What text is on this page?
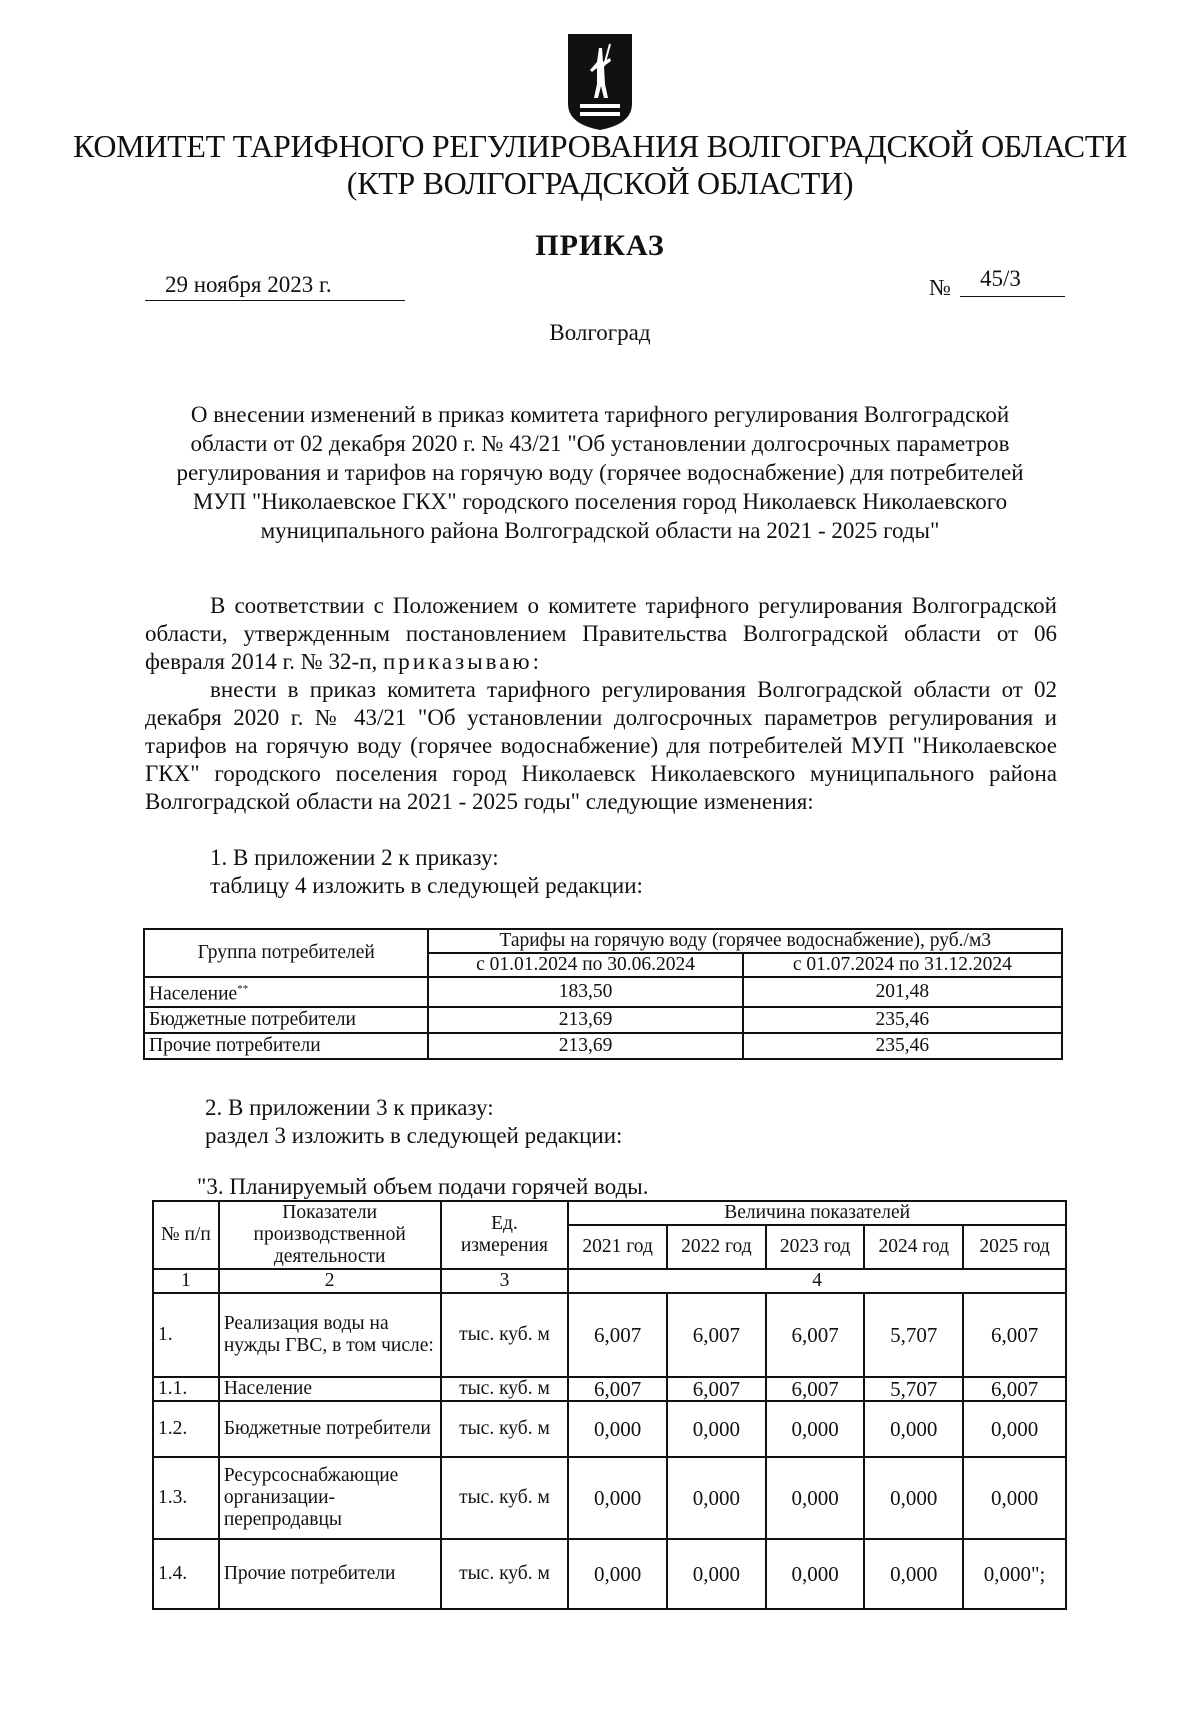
КОМИТЕТ ТАРИФНОГО РЕГУЛИРОВАНИЯ ВОЛГОГРАДСКОЙ ОБЛАСТИ
(КТР ВОЛГОГРАДСКОЙ ОБЛАСТИ)
ПРИКАЗ
29 ноября 2023 г.	№	45/3
Волгоград
О внесении изменений в приказ комитета тарифного регулирования Волгоградской
области от 02 декабря 2020 г. № 43/21 "Об установлении долгосрочных параметров
регулирования и тарифов на горячую воду (горячее водоснабжение) для потребителей
МУП "Николаевское ГКХ" городского поселения город Николаевск Николаевского
муниципального района Волгоградской области на 2021 - 2025 годы"
В соответствии с Положением о комитете тарифного регулирования Волгоградской области, утвержденным постановлением Правительства Волгоградской области от 06 февраля 2014 г. № 32-п, приказываю:
внести в приказ комитета тарифного регулирования Волгоградской области от 02 декабря 2020 г. № 43/21 "Об установлении долгосрочных параметров регулирования и тарифов на горячую воду (горячее водоснабжение) для потребителей МУП "Николаевское ГКХ" городского поселения город Николаевск Николаевского муниципального района Волгоградской области на 2021 - 2025 годы" следующие изменения:
1. В приложении 2 к приказу:
таблицу 4 изложить в следующей редакции:
Группа потребителей	Тарифы на горячую воду (горячее водоснабжение), руб./м3	
	с 01.01.2024 по 30.06.2024	с 01.07.2024 по 31.12.2024
Население**	183,50	201,48
Бюджетные потребители	213,69	235,46
Прочие потребители	213,69	235,46
2. В приложении 3 к приказу:
раздел 3 изложить в следующей редакции:
"3. Планируемый объем подачи горячей воды.
№ п/п	Показатели производственной деятельности	Ед. измерения	Величина показателей				
			2021 год	2022 год	2023 год	2024 год	2025 год
1	2	3	4				
1.	Реализация воды на нужды ГВС, в том числе:	тыс. куб. м	6,007	6,007	6,007	5,707	6,007
1.1.	Население	тыс. куб. м	6,007	6,007	6,007	5,707	6,007
1.2.	Бюджетные потребители	тыс. куб. м	0,000	0,000	0,000	0,000	0,000
1.3.	Ресурсоснабжающие организации-перепродавцы	тыс. куб. м	0,000	0,000	0,000	0,000	0,000
1.4.	Прочие потребители	тыс. куб. м	0,000	0,000	0,000	0,000	0,000";
